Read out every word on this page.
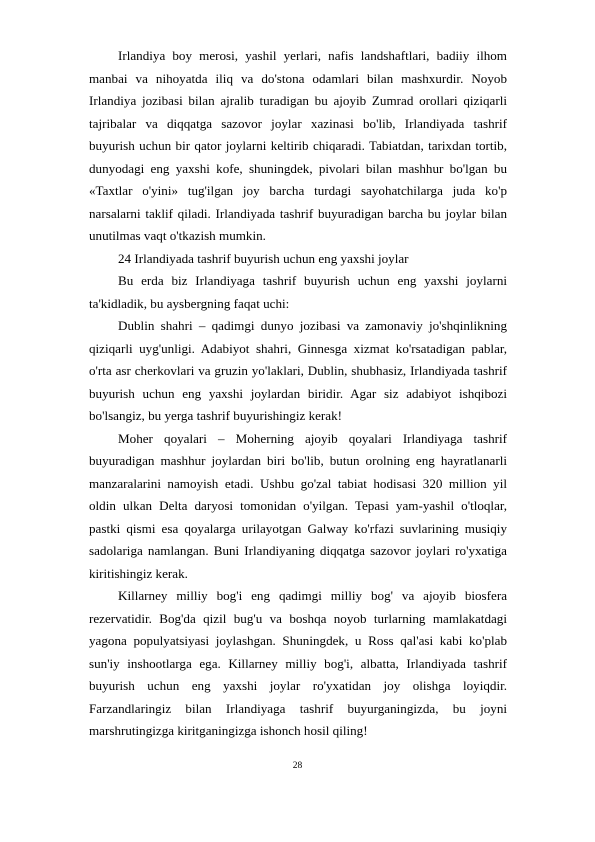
Irlandiya boy merosi, yashil yerlari, nafis landshaftlari, badiiy ilhom manbai va nihoyatda iliq va do'stona odamlari bilan mashxurdir. Noyob Irlandiya jozibasi bilan ajralib turadigan bu ajoyib Zumrad orollari qiziqarli tajribalar va diqqatga sazovor joylar xazinasi bo'lib, Irlandiyada tashrif buyurish uchun bir qator joylarni keltirib chiqaradi. Tabiatdan, tarixdan tortib, dunyodagi eng yaxshi kofe, shuningdek, pivolari bilan mashhur bo'lgan bu «Taxtlar o'yini» tug'ilgan joy barcha turdagi sayohatchilarga juda ko'p narsalarni taklif qiladi. Irlandiyada tashrif buyuradigan barcha bu joylar bilan unutilmas vaqt o'tkazish mumkin.

24 Irlandiyada tashrif buyurish uchun eng yaxshi joylar

Bu erda biz Irlandiyaga tashrif buyurish uchun eng yaxshi joylarni ta'kidladik, bu aysbergning faqat uchi:

Dublin shahri – qadimgi dunyo jozibasi va zamonaviy jo'shqinlikning qiziqarli uyg'unligi. Adabiyot shahri, Ginnesga xizmat ko'rsatadigan pablar, o'rta asr cherkovlari va gruzin yo'laklari, Dublin, shubhasiz, Irlandiyada tashrif buyurish uchun eng yaxshi joylardan biridir. Agar siz adabiyot ishqibozi bo'lsangiz, bu yerga tashrif buyurishingiz kerak!

Moher qoyalari – Moherning ajoyib qoyalari Irlandiyaga tashrif buyuradigan mashhur joylardan biri bo'lib, butun orolning eng hayratlanarli manzaralarini namoyish etadi. Ushbu go'zal tabiat hodisasi 320 million yil oldin ulkan Delta daryosi tomonidan o'yilgan. Tepasi yam-yashil o'tloqlar, pastki qismi esa qoyalarga urilayotgan Galway ko'rfazi suvlarining musiqiy sadolariga namlangan. Buni Irlandiyaning diqqatga sazovor joylari ro'yxatiga kiritishingiz kerak.

Killarney milliy bog'i eng qadimgi milliy bog' va ajoyib biosfera rezervatidir. Bog'da qizil bug'u va boshqa noyob turlarning mamlakatdagi yagona populyatsiyasi joylashgan. Shuningdek, u Ross qal'asi kabi ko'plab sun'iy inshootlarga ega. Killarney milliy bog'i, albatta, Irlandiyada tashrif buyurish uchun eng yaxshi joylar ro'yxatidan joy olishga loyiqdir. Farzandlaringiz bilan Irlandiyaga tashrif buyurganingizda, bu joyni marshrutingizga kiritganingizga ishonch hosil qiling!

28
